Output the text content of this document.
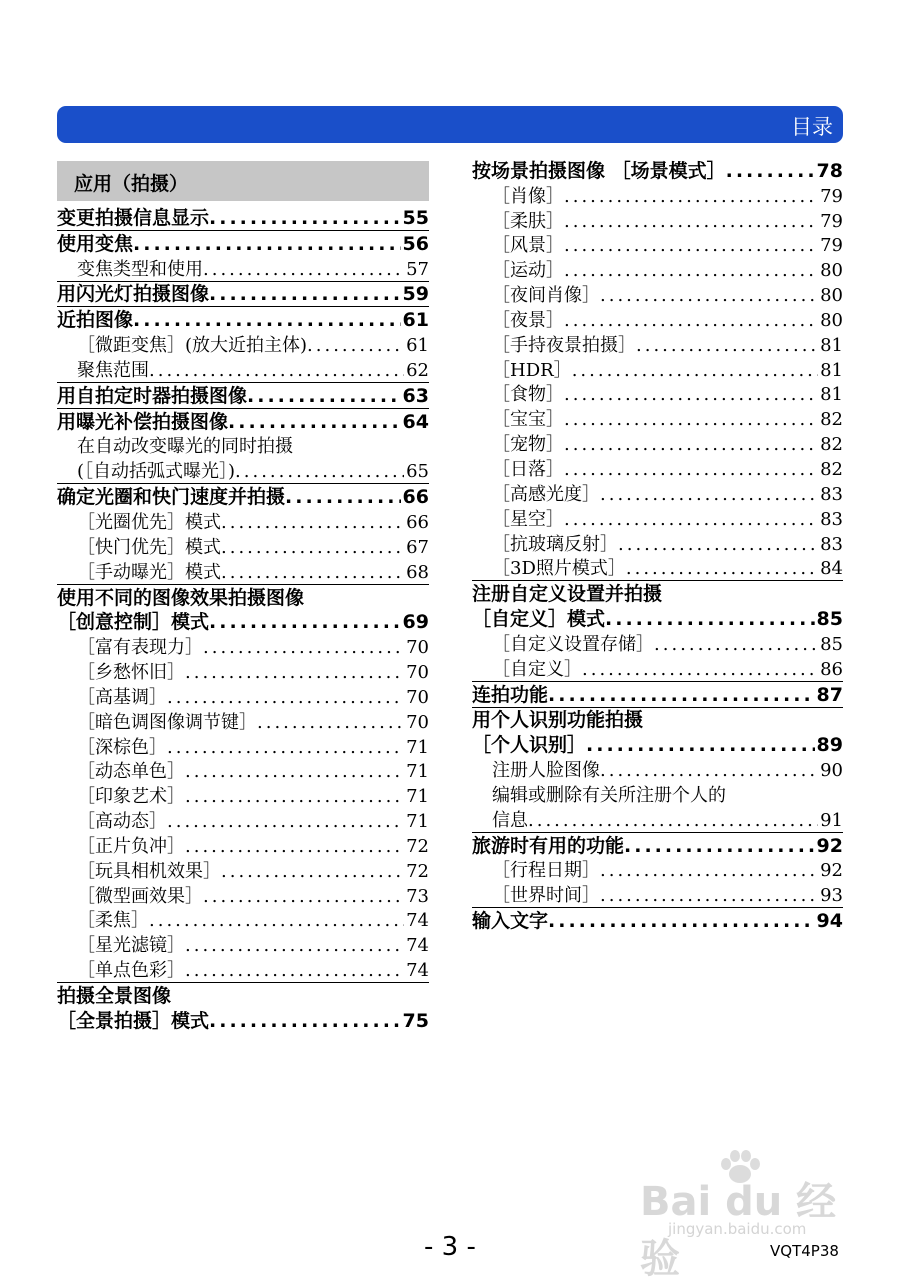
目录
应用（拍摄）
变更拍摄信息显示 .....	55
使用变焦 .....	56
变焦类型和使用 .....	57
用闪光灯拍摄图像 .....	59
近拍图像 .....	61
［微距变焦］(放大近拍主体) .....	61
聚焦范围 .....	62
用自拍定时器拍摄图像 .....	63
用曝光补偿拍摄图像 .....	64
在自动改变曝光的同时拍摄
(［自动括弧式曝光］) .....	65
确定光圈和快门速度并拍摄 .....	66
［光圈优先］模式 .....	66
［快门优先］模式 .....	67
［手动曝光］模式 .....	68
使用不同的图像效果拍摄图像
［创意控制］模式 .....	69
［富有表现力］ .....	70
［乡愁怀旧］ .....	70
［高基调］ .....	70
［暗色调图像调节键］ .....	70
［深棕色］ .....	71
［动态单色］ .....	71
［印象艺术］ .....	71
［高动态］ .....	71
［正片负冲］ .....	72
［玩具相机效果］ .....	72
［微型画效果］ .....	73
［柔焦］ .....	74
［星光滤镜］ .....	74
［单点色彩］ .....	74
拍摄全景图像
［全景拍摄］模式 .....	75
按场景拍摄图像 ［场景模式］ .....	78
［肖像］ .....	79
［柔肤］ .....	79
［风景］ .....	79
［运动］ .....	80
［夜间肖像］ .....	80
［夜景］ .....	80
［手持夜景拍摄］ .....	81
［HDR］ .....	81
［食物］ .....	81
［宝宝］ .....	82
［宠物］ .....	82
［日落］ .....	82
［高感光度］ .....	83
［星空］ .....	83
［抗玻璃反射］ .....	83
［3D照片模式］ .....	84
注册自定义设置并拍摄
［自定义］模式 .....	85
［自定义设置存储］ .....	85
［自定义］ .....	86
连拍功能 .....	87
用个人识别功能拍摄
［个人识别］ .....	89
注册人脸图像 .....	90
编辑或删除有关所注册个人的
信息 .....	91
旅游时有用的功能 .....	92
［行程日期］ .....	92
［世界时间］ .....	93
输入文字 .....	94
Bai du 经验
jingyan.baidu.com
- 3 -	VQT4P38
